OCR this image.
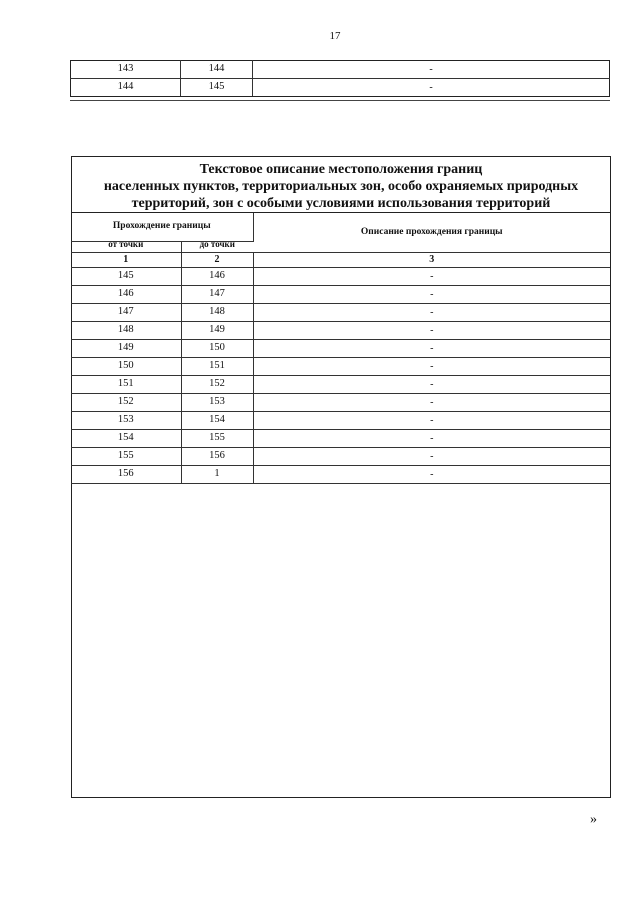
17
143	144	-
144	145	-
Текстовое описание местоположения границ
населенных пунктов, территориальных зон, особо охраняемых природных
территорий, зон с особыми условиями использования территорий
Прохождение границы		Описание прохождения границы
от точки	до точки	
1	2	3
145	146	-
146	147	-
147	148	-
148	149	-
149	150	-
150	151	-
151	152	-
152	153	-
153	154	-
154	155	-
155	156	-
156	1	-
»
